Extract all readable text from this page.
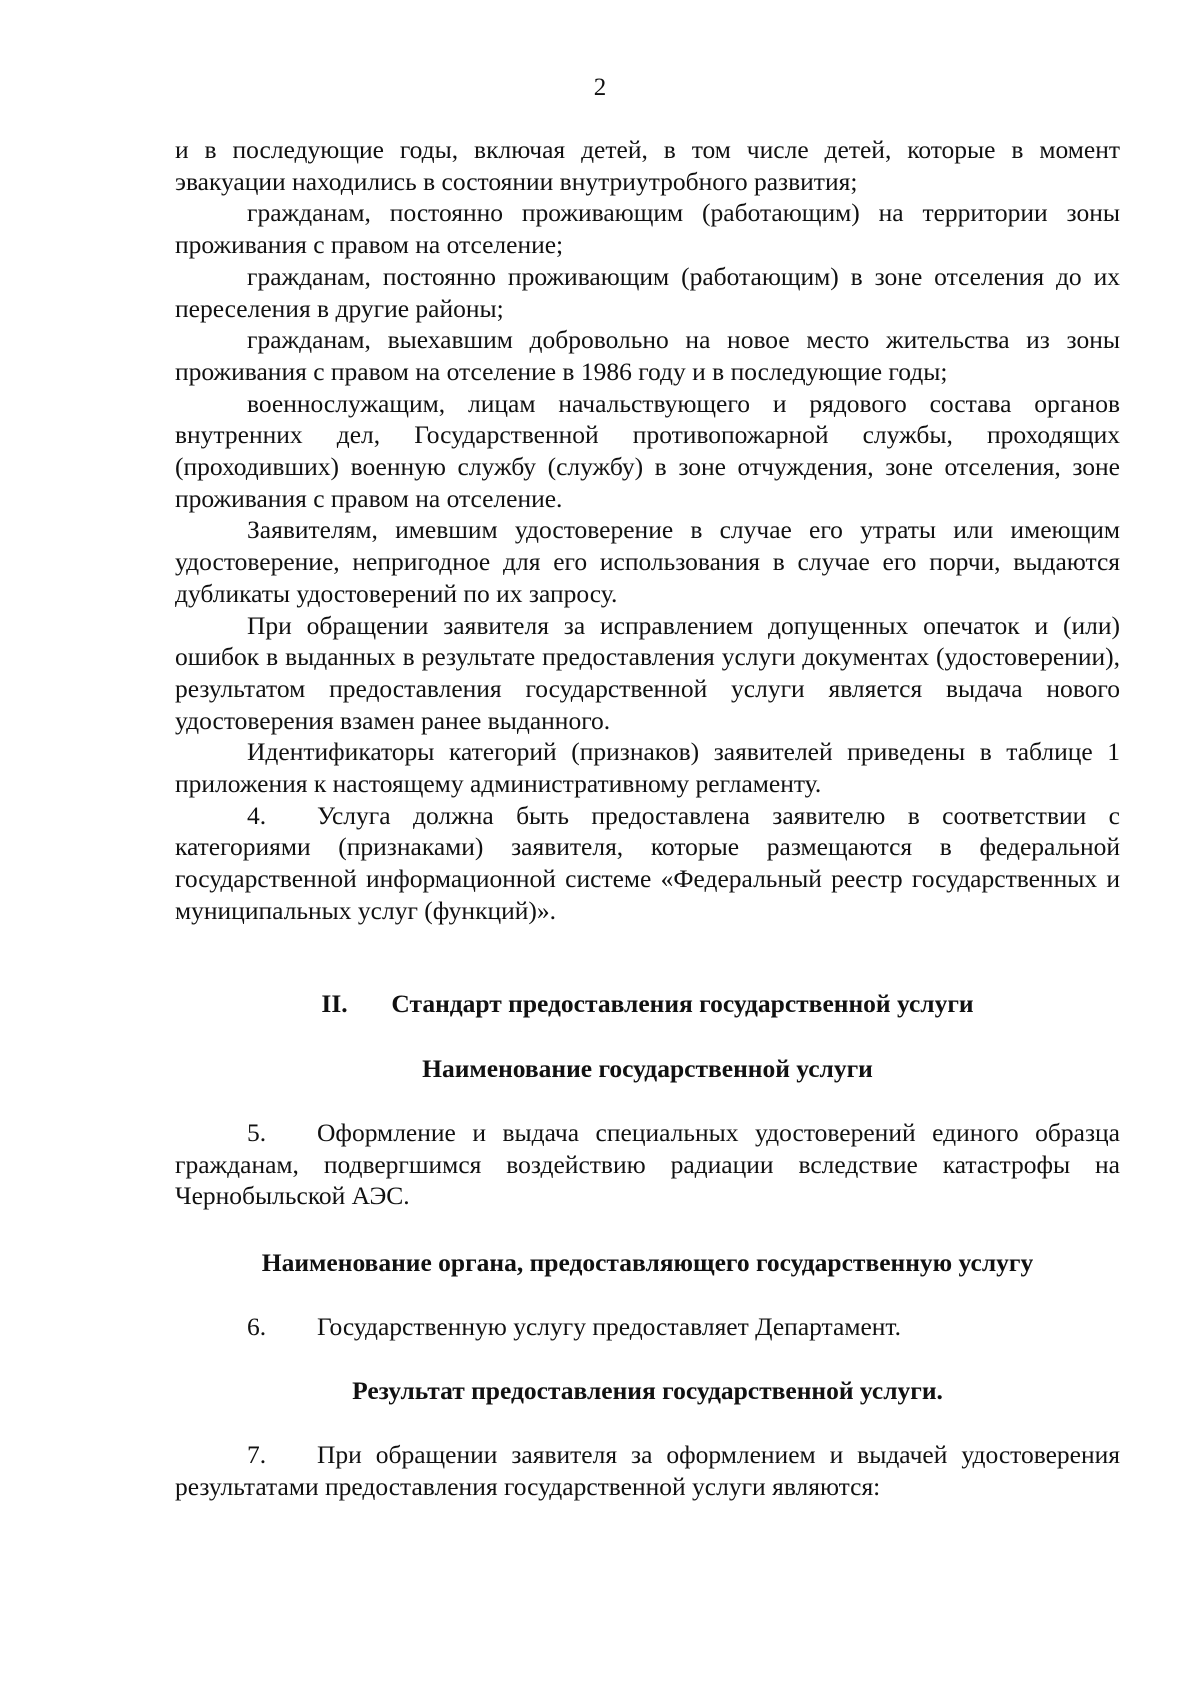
2

и в последующие годы, включая детей, в том числе детей, которые в момент эвакуации находились в состоянии внутриутробного развития;

гражданам, постоянно проживающим (работающим) на территории зоны проживания с правом на отселение;

гражданам, постоянно проживающим (работающим) в зоне отселения до их переселения в другие районы;

гражданам, выехавшим добровольно на новое место жительства из зоны проживания с правом на отселение в 1986 году и в последующие годы;

военнослужащим, лицам начальствующего и рядового состава органов внутренних дел, Государственной противопожарной службы, проходящих (проходивших) военную службу (службу) в зоне отчуждения, зоне отселения, зоне проживания с правом на отселение.

Заявителям, имевшим удостоверение в случае его утраты или имеющим удостоверение, непригодное для его использования в случае его порчи, выдаются дубликаты удостоверений по их запросу.

При обращении заявителя за исправлением допущенных опечаток и (или) ошибок в выданных в результате предоставления услуги документах (удостоверении), результатом предоставления государственной услуги является выдача нового удостоверения взамен ранее выданного.

Идентификаторы категорий (признаков) заявителей приведены в таблице 1 приложения к настоящему административному регламенту.

4. Услуга должна быть предоставлена заявителю в соответствии с категориями (признаками) заявителя, которые размещаются в федеральной государственной информационной системе «Федеральный реестр государственных и муниципальных услуг (функций)».

II. Стандарт предоставления государственной услуги
Наименование государственной услуги

5. Оформление и выдача специальных удостоверений единого образца гражданам, подвергшимся воздействию радиации вследствие катастрофы на Чернобыльской АЭС.

Наименование органа, предоставляющего государственную услугу

6. Государственную услугу предоставляет Департамент.

Результат предоставления государственной услуги.

7. При обращении заявителя за оформлением и выдачей удостоверения результатами предоставления государственной услуги являются:
